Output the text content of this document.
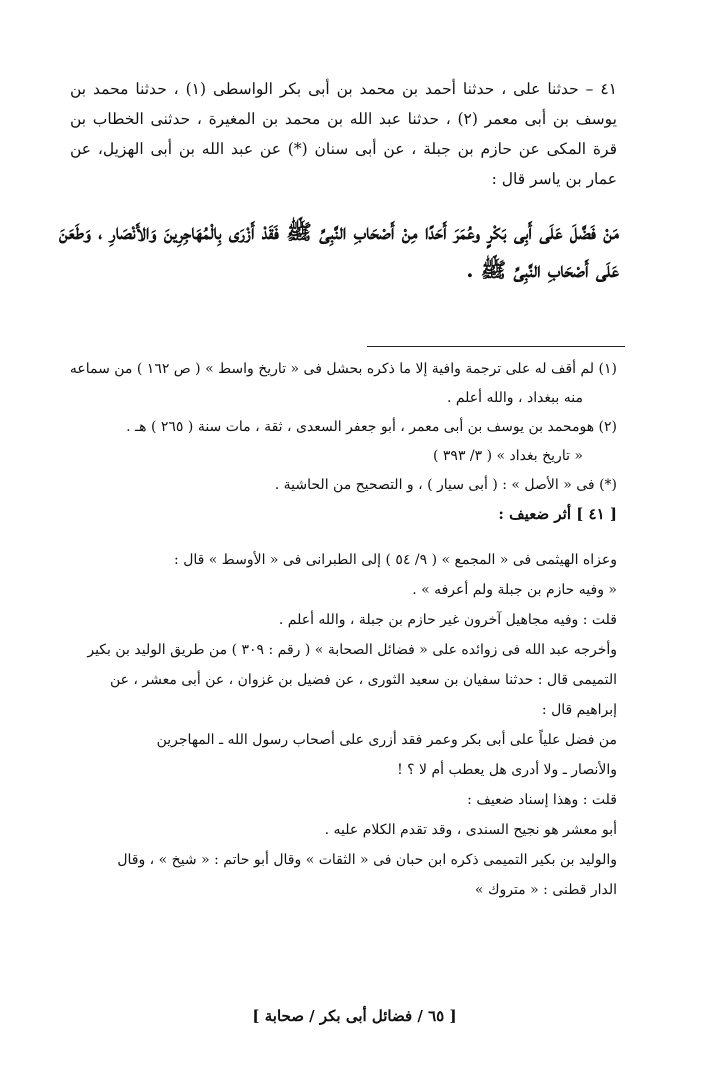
٤١ – حدثنا على ، حدثنا أحمد بن محمد بن أبى بكر الواسطى (١) ، حدثنا محمد بن يوسف بن أبى معمر (٢) ، حدثنا عبد الله بن محمد بن المغيرة ، حدثنى الخطاب بن قرة المكى عن حازم بن جبلة ، عن أبى سنان (*) عن عبد الله بن أبى الهزيل، عن عمار بن ياسر قال :
مَنْ فَضَّلَ عَلَى أَبِى بَكْرٍ وعُمَرَ أَحَدًا مِنْ أَصْحَابِ النَّبِىِّ ﷺ فَقَدْ أَزْرَى بِالْمُهَاجِرِينَ وَالأَنْصَارِ ، وَطَعَنَ عَلَى أَصْحَابِ النَّبِىِّ ﷺ .

(١) لم أقف له على ترجمة وافية إلا ما ذكره بحشل فى « تاريخ واسط » ( ص ١٦٢ ) من سماعه

منه ببغداد ، والله أعلم .

(٢) هومحمد بن يوسف بن أبى معمر ، أبو جعفر السعدى ، ثقة ، مات سنة ( ٢٦٥ ) هـ .

« تاريخ بغداد » ( ٣/ ٣٩٣ )

(*) فى « الأصل » : ( أبى سيار ) ، و التصحيح من الحاشية .

[ ٤١ ] أثر ضعيف :

وعزاه الهيثمى فى « المجمع » ( ٩/ ٥٤ ) إلى الطبرانى فى « الأوسط » قال :

« وفيه حازم بن جبلة ولم أعرفه » .

قلت : وفيه مجاهيل آخرون غير حازم بن جبلة ، والله أعلم .

وأخرجه عبد الله فى زوائده على « فضائل الصحابة » ( رقم : ٣٠٩ ) من طريق الوليد بن بكير

التميمى قال : حدثنا سفيان بن سعيد الثورى ، عن فضيل بن غزوان ، عن أبى معشر ، عن

إبراهيم قال :

من فضل علياً على أبى بكر وعمر فقد أزرى على أصحاب رسول الله ـ المهاجرين

والأنصار ـ ولا أدرى هل يعطب أم لا ؟ !

قلت : وهذا إسناد ضعيف :

أبو معشر هو نجيح السندى ، وقد تقدم الكلام عليه .

والوليد بن بكير التميمى ذكره ابن حبان فى « الثقات » وقال أبو حاتم : « شيخ » ، وقال

الدار قطنى : « متروك »

[ ٦٥ / فضائل أبى بكر / صحابة ]
